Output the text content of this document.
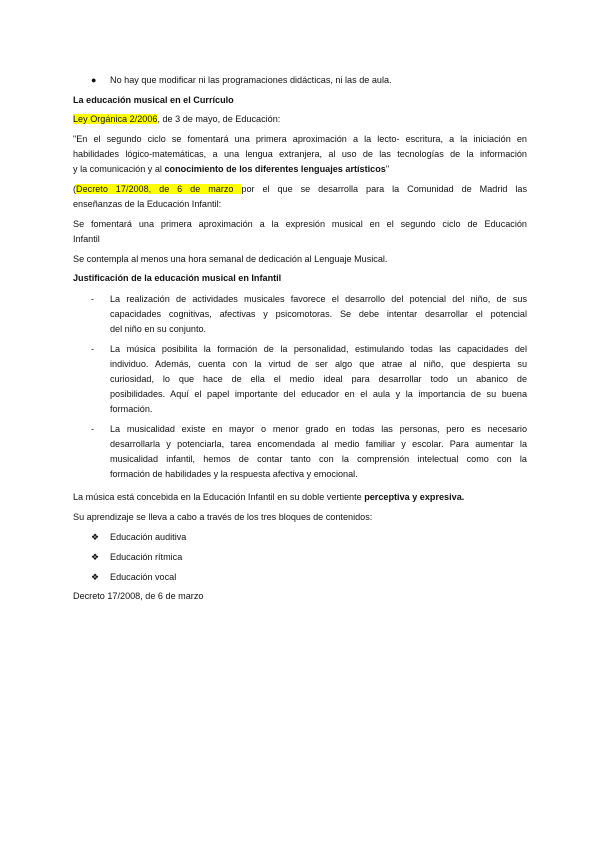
● No hay que modificar ni las programaciones didácticas, ni las de aula.
La educación musical en el Currículo
Ley Orgánica 2/2006, de 3 de mayo, de Educación:
"En el segundo ciclo se fomentará una primera aproximación a la lecto- escritura, a la iniciación en
habilidades lógico-matemáticas, a una lengua extranjera, al uso de las tecnologías de la información
y la comunicación y al conocimiento de los diferentes lenguajes artísticos"
(Decreto 17/2008, de 6 de marzo por el que se desarrolla para la Comunidad de Madrid las
enseñanzas de la Educación Infantil:
Se fomentará una primera aproximación a la expresión musical en el segundo ciclo de Educación
Infantil
Se contempla al menos una hora semanal de dedicación al Lenguaje Musical.
Justificación de la educación musical en Infantil
- La realización de actividades musicales favorece el desarrollo del potencial del niño, de sus
capacidades cognitivas, afectivas y psicomotoras. Se debe intentar desarrollar el potencial
del niño en su conjunto.
- La música posibilita la formación de la personalidad, estimulando todas las capacidades del
individuo. Además, cuenta con la virtud de ser algo que atrae al niño, que despierta su
curiosidad, lo que hace de ella el medio ideal para desarrollar todo un abanico de
posibilidades. Aquí el papel importante del educador en el aula y la importancia de su buena
formación.
- La musicalidad existe en mayor o menor grado en todas las personas, pero es necesario
desarrollarla y potenciarla, tarea encomendada al medio familiar y escolar. Para aumentar la
musicalidad infantil, hemos de contar tanto con la comprensión intelectual como con la
formación de habilidades y la respuesta afectiva y emocional.
La música está concebida en la Educación Infantil en su doble vertiente perceptiva y expresiva.
Su aprendizaje se lleva a cabo a través de los tres bloques de contenidos:
❖ Educación auditiva
❖ Educación rítmica
❖ Educación vocal
Decreto 17/2008, de 6 de marzo
